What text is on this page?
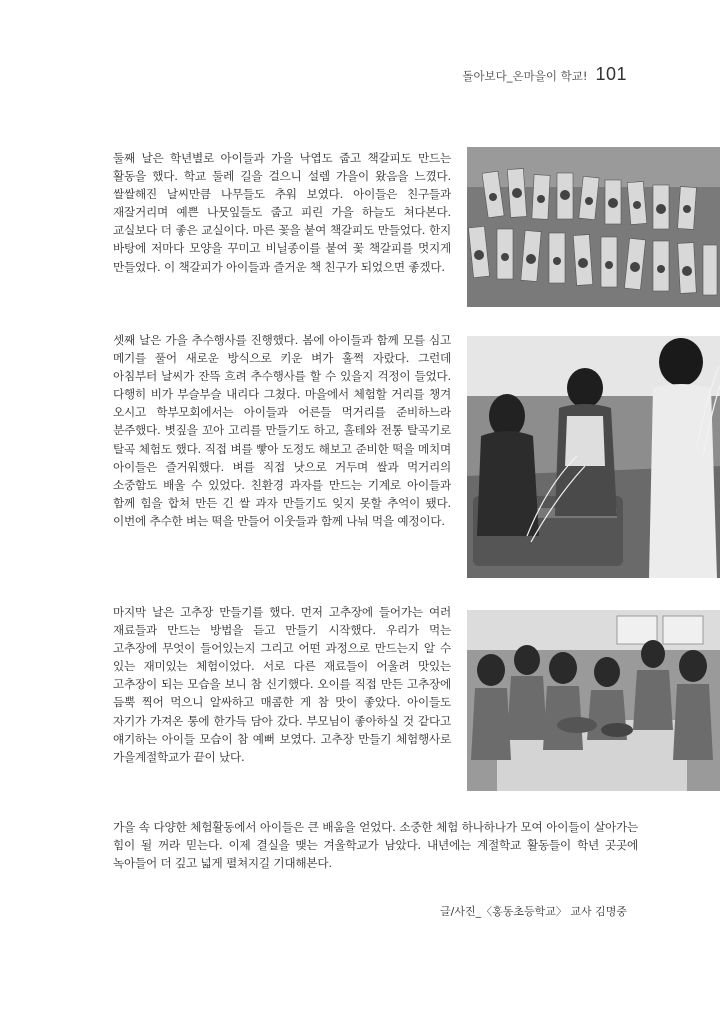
돌아보다_온마을이 학교! 101

둘째 날은 학년별로 아이들과 가을 낙엽도 줍고 책갈피도 만드는 활동을 했다. 학교 둘레 길을 걸으니 설렘 가을이 왔음을 느꼈다. 쌀쌀해진 날씨만큼 나무들도 추워 보였다. 아이들은 친구들과 재잘거리며 예쁜 나뭇잎들도 줍고 피린 가을 하늘도 쳐다본다. 교실보다 더 좋은 교실이다. 마른 꽃을 붙여 책갈피도 만들었다. 한지 바탕에 저마다 모양을 꾸미고 비닐종이를 붙여 꽃 책갈피를 멋지게 만들었다. 이 책갈피가 아이들과 즐거운 책 친구가 되었으면 좋겠다.

셋째 날은 가을 추수행사를 진행했다. 봄에 아이들과 함께 모를 심고 메기를 풀어 새로운 방식으로 키운 벼가 훌쩍 자랐다. 그런데 아침부터 날씨가 잔뜩 흐려 추수행사를 할 수 있을지 걱정이 들었다. 다행히 비가 부슬부슬 내리다 그쳤다. 마을에서 체험할 거리를 챙겨 오시고 학부모회에서는 아이들과 어른들 먹거리를 준비하느라 분주했다. 볏짚을 꼬아 고리를 만들기도 하고, 홀테와 전통 탈곡기로 탈곡 체험도 했다. 직접 벼를 빻아 도정도 해보고 준비한 떡을 메치며 아이들은 즐거워했다. 벼를 직접 낫으로 거두며 쌀과 먹거리의 소중함도 배울 수 있었다. 친환경 과자를 만드는 기계로 아이들과 함께 힘을 합쳐 만든 긴 쌀 과자 만들기도 잊지 못할 추억이 됐다. 이번에 추수한 벼는 떡을 만들어 이웃들과 함께 나눠 먹을 예정이다.

마지막 날은 고추장 만들기를 했다. 먼저 고추장에 들어가는 여러 재료들과 만드는 방법을 듣고 만들기 시작했다. 우리가 먹는 고추장에 무엇이 들어있는지 그리고 어떤 과정으로 만드는지 알 수 있는 재미있는 체험이었다. 서로 다른 재료들이 어울려 맛있는 고추장이 되는 모습을 보니 참 신기했다. 오이를 직접 만든 고추장에 듬뿍 찍어 먹으니 알싸하고 매콤한 게 참 맛이 좋았다. 아이들도 자기가 가져온 통에 한가득 담아 갔다. 부모님이 좋아하실 것 같다고 얘기하는 아이들 모습이 참 예뻐 보였다. 고추장 만들기 체험행사로 가을계절학교가 끝이 났다.

가을 속 다양한 체험활동에서 아이들은 큰 배움을 얻었다. 소중한 체험 하나하나가 모여 아이들이 살아가는 힘이 될 꺼라 믿는다. 이제 결실을 맺는 겨울학교가 남았다. 내년에는 계절학교 활동들이 학년 곳곳에 녹아들어 더 깊고 넓게 펼쳐지길 기대해본다.

글/사진_〈홍동초등학교〉 교사 김명중
